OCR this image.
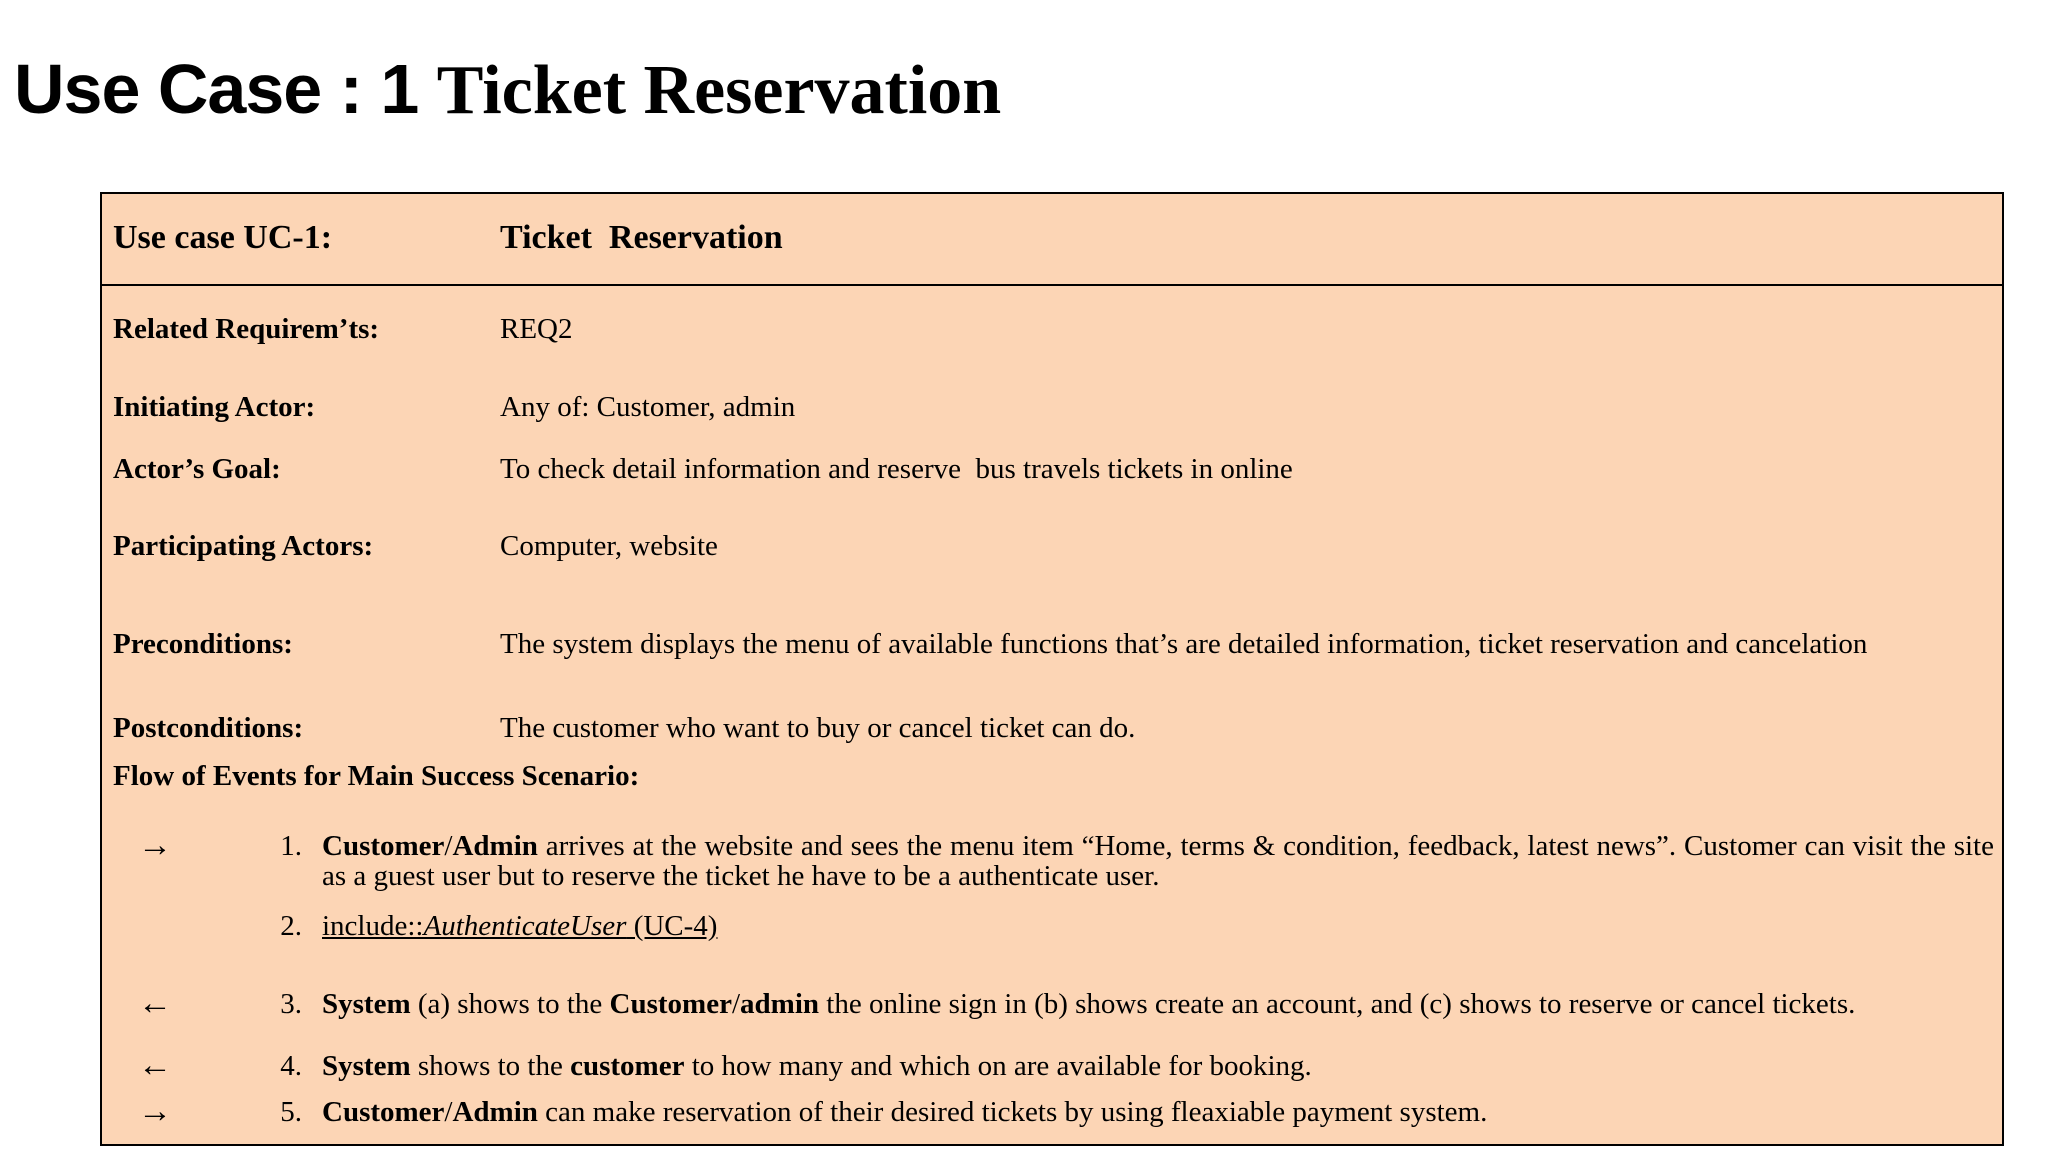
Use Case : 1 Ticket Reservation
Use case UC-1:	Ticket  Reservation
Related Requirem’ts:	REQ2
Initiating Actor:	Any of: Customer, admin
Actor’s Goal:	To check detail information and reserve  bus travels tickets in online
Participating Actors:	Computer, website
Preconditions:	The system displays the menu of available functions that’s are detailed information, ticket reservation and cancelation
Postconditions:	The customer who want to buy or cancel ticket can do.
Flow of Events for Main Success Scenario:
→	1. Customer/Admin arrives at the website and sees the menu item “Home, terms & condition, feedback, latest news”. Customer can visit the site as a guest user but to reserve the ticket he have to be a authenticate user.
2. include::AuthenticateUser (UC-4)
←	3. System (a) shows to the Customer/admin the online sign in (b) shows create an account, and (c) shows to reserve or cancel tickets.
←	4. System shows to the customer to how many and which on are available for booking.
→	5. Customer/Admin can make reservation of their desired tickets by using fleaxiable payment system.
